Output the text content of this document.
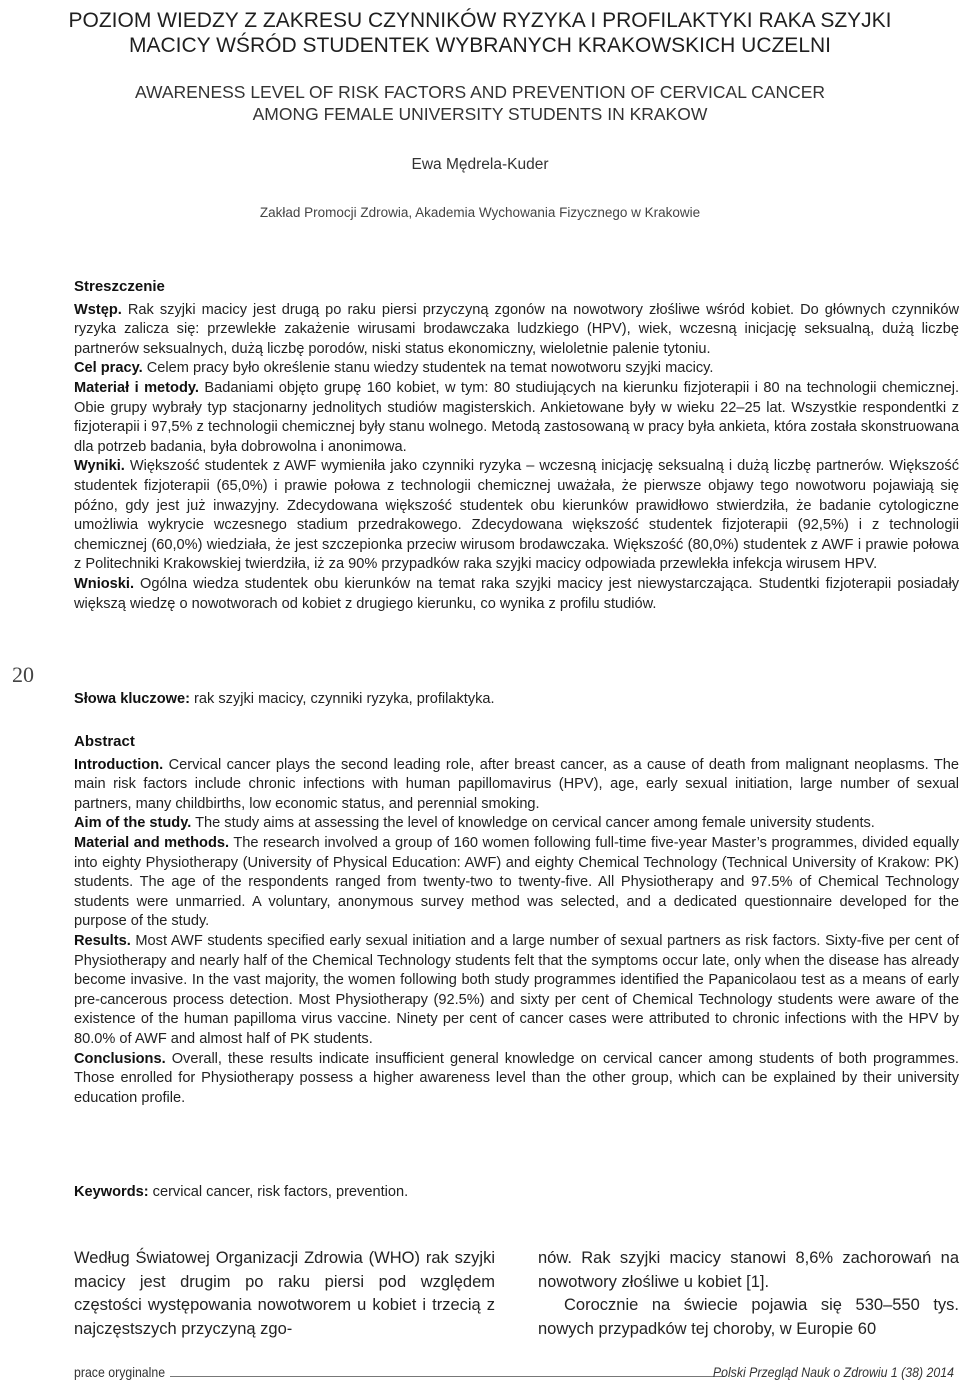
POZIOM WIEDZY Z ZAKRESU CZYNNIKÓW RYZYKA I PROFILAKTYKI RAKA SZYJKI
MACICY WŚRÓD STUDENTEK WYBRANYCH KRAKOWSKICH UCZELNI
AWARENESS LEVEL OF RISK FACTORS AND PREVENTION OF CERVICAL CANCER
AMONG FEMALE UNIVERSITY STUDENTS IN KRAKOW
Ewa Mędrela-Kuder
Zakład Promocji Zdrowia, Akademia Wychowania Fizycznego w Krakowie
20

Streszczenie

Wstęp. Rak szyjki macicy jest drugą po raku piersi przyczyną zgonów na nowotwory złośliwe wśród kobiet. Do głównych czynników ryzyka zalicza się: przewlekłe zakażenie wirusami brodawczaka ludzkiego (HPV), wiek, wczesną inicjację seksualną, dużą liczbę partnerów seksualnych, dużą liczbę porodów, niski status ekonomiczny, wieloletnie palenie tytoniu.

Cel pracy. Celem pracy było określenie stanu wiedzy studentek na temat nowotworu szyjki macicy.

Materiał i metody. Badaniami objęto grupę 160 kobiet, w tym: 80 studiujących na kierunku fizjoterapii i 80 na technologii chemicznej. Obie grupy wybrały typ stacjonarny jednolitych studiów magisterskich. Ankietowane były w wieku 22–25 lat. Wszystkie respondentki z fizjoterapii i 97,5% z technologii chemicznej były stanu wolnego. Metodą zastosowaną w pracy była ankieta, która została skonstruowana dla potrzeb badania, była dobrowolna i anonimowa.

Wyniki. Większość studentek z AWF wymieniła jako czynniki ryzyka – wczesną inicjację seksualną i dużą liczbę partnerów. Większość studentek fizjoterapii (65,0%) i prawie połowa z technologii chemicznej uważała, że pierwsze objawy tego nowotworu pojawiają się późno, gdy jest już inwazyjny. Zdecydowana większość studentek obu kierunków prawidłowo stwierdziła, że badanie cytologiczne umożliwia wykrycie wczesnego stadium przedrakowego. Zdecydowana większość studentek fizjoterapii (92,5%) i z technologii chemicznej (60,0%) wiedziała, że jest szczepionka przeciw wirusom brodawczaka. Większość (80,0%) studentek z AWF i prawie połowa z Politechniki Krakowskiej twierdziła, iż za 90% przypadków raka szyjki macicy odpowiada przewlekła infekcja wirusem HPV.

Wnioski. Ogólna wiedza studentek obu kierunków na temat raka szyjki macicy jest niewystarczająca. Studentki fizjoterapii posiadały większą wiedzę o nowotworach od kobiet z drugiego kierunku, co wynika z profilu studiów.

Słowa kluczowe: rak szyjki macicy, czynniki ryzyka, profilaktyka.

Abstract

Introduction. Cervical cancer plays the second leading role, after breast cancer, as a cause of death from malignant neoplasms. The main risk factors include chronic infections with human papillomavirus (HPV), age, early sexual initiation, large number of sexual partners, many childbirths, low economic status, and perennial smoking.

Aim of the study. The study aims at assessing the level of knowledge on cervical cancer among female university students.

Material and methods. The research involved a group of 160 women following full-time five-year Master’s programmes, divided equally into eighty Physiotherapy (University of Physical Education: AWF) and eighty Chemical Technology (Technical University of Krakow: PK) students. The age of the respondents ranged from twenty-two to twenty-five. All Physiotherapy and 97.5% of Chemical Technology students were unmarried. A voluntary, anonymous survey method was selected, and a dedicated questionnaire developed for the purpose of the study.

Results. Most AWF students specified early sexual initiation and a large number of sexual partners as risk factors. Sixty-five per cent of Physiotherapy and nearly half of the Chemical Technology students felt that the symptoms occur late, only when the disease has already become invasive. In the vast majority, the women following both study programmes identified the Papanicolaou test as a means of early pre-cancerous process detection. Most Physiotherapy (92.5%) and sixty per cent of Chemical Technology students were aware of the existence of the human papilloma virus vaccine. Ninety per cent of cancer cases were attributed to chronic infections with the HPV by 80.0% of AWF and almost half of PK students.

Conclusions. Overall, these results indicate insufficient general knowledge on cervical cancer among students of both programmes. Those enrolled for Physiotherapy possess a higher awareness level than the other group, which can be explained by their university education profile.

Keywords: cervical cancer, risk factors, prevention.

Według Światowej Organizacji Zdrowia (WHO) rak szyjki macicy jest drugim po raku piersi pod względem częstości występowania nowotworem u kobiet i trzecią z najczęstszych przyczyną zgo-

nów. Rak szyjki macicy stanowi 8,6% zachorowań na nowotwory złośliwe u kobiet [1].

Corocznie na świecie pojawia się 530–550 tys. nowych przypadków tej choroby, w Europie 60

prace oryginalne	Polski Przegląd Nauk o Zdrowiu 1 (38) 2014
